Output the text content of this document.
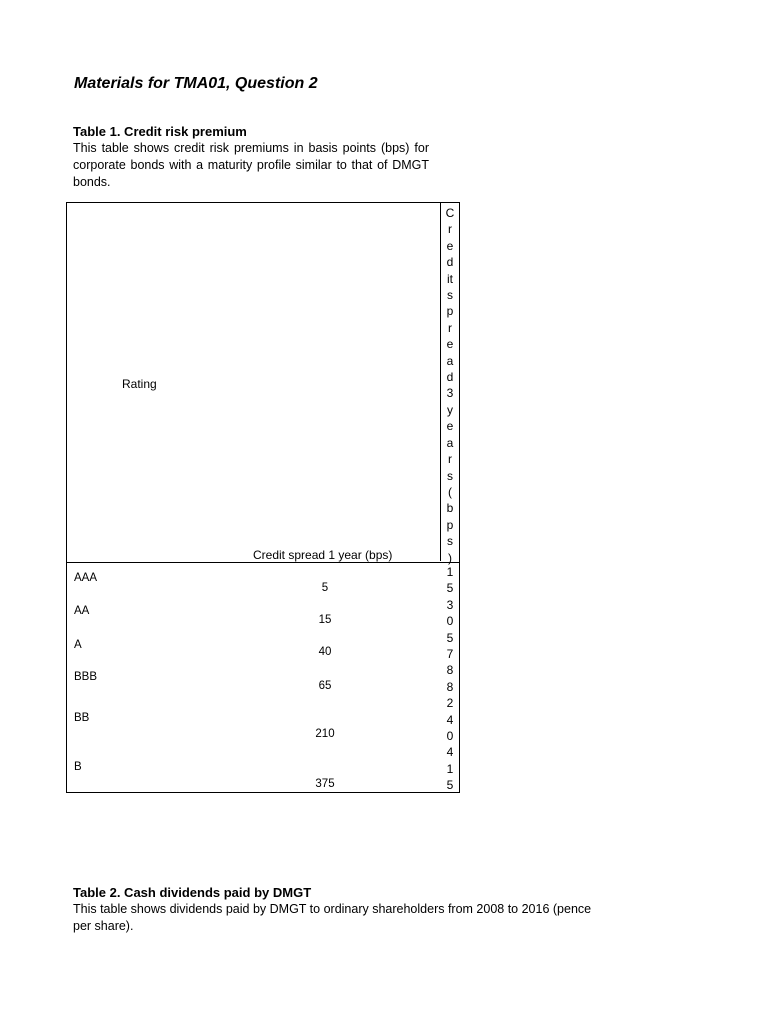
Materials for TMA01, Question 2

Table 1. Credit risk premium

This table shows credit risk premiums in basis points (bps) for corporate bonds with a maturity profile similar to that of DMGT bonds.

Rating
Credit spread 1 year (bps)
C
r
e
d
it
s
p
r
e
a
d
3
y
e
a
r
s
(
b
p
s
)
AAA
5
AA
15
A
40
BBB
65
BB
210
B
375
1
5
3
0
5
7
8
8
2
4
0
4
1
5

Table 2. Cash dividends paid by DMGT

This table shows dividends paid by DMGT to ordinary shareholders from 2008 to 2016 (pence per share).
